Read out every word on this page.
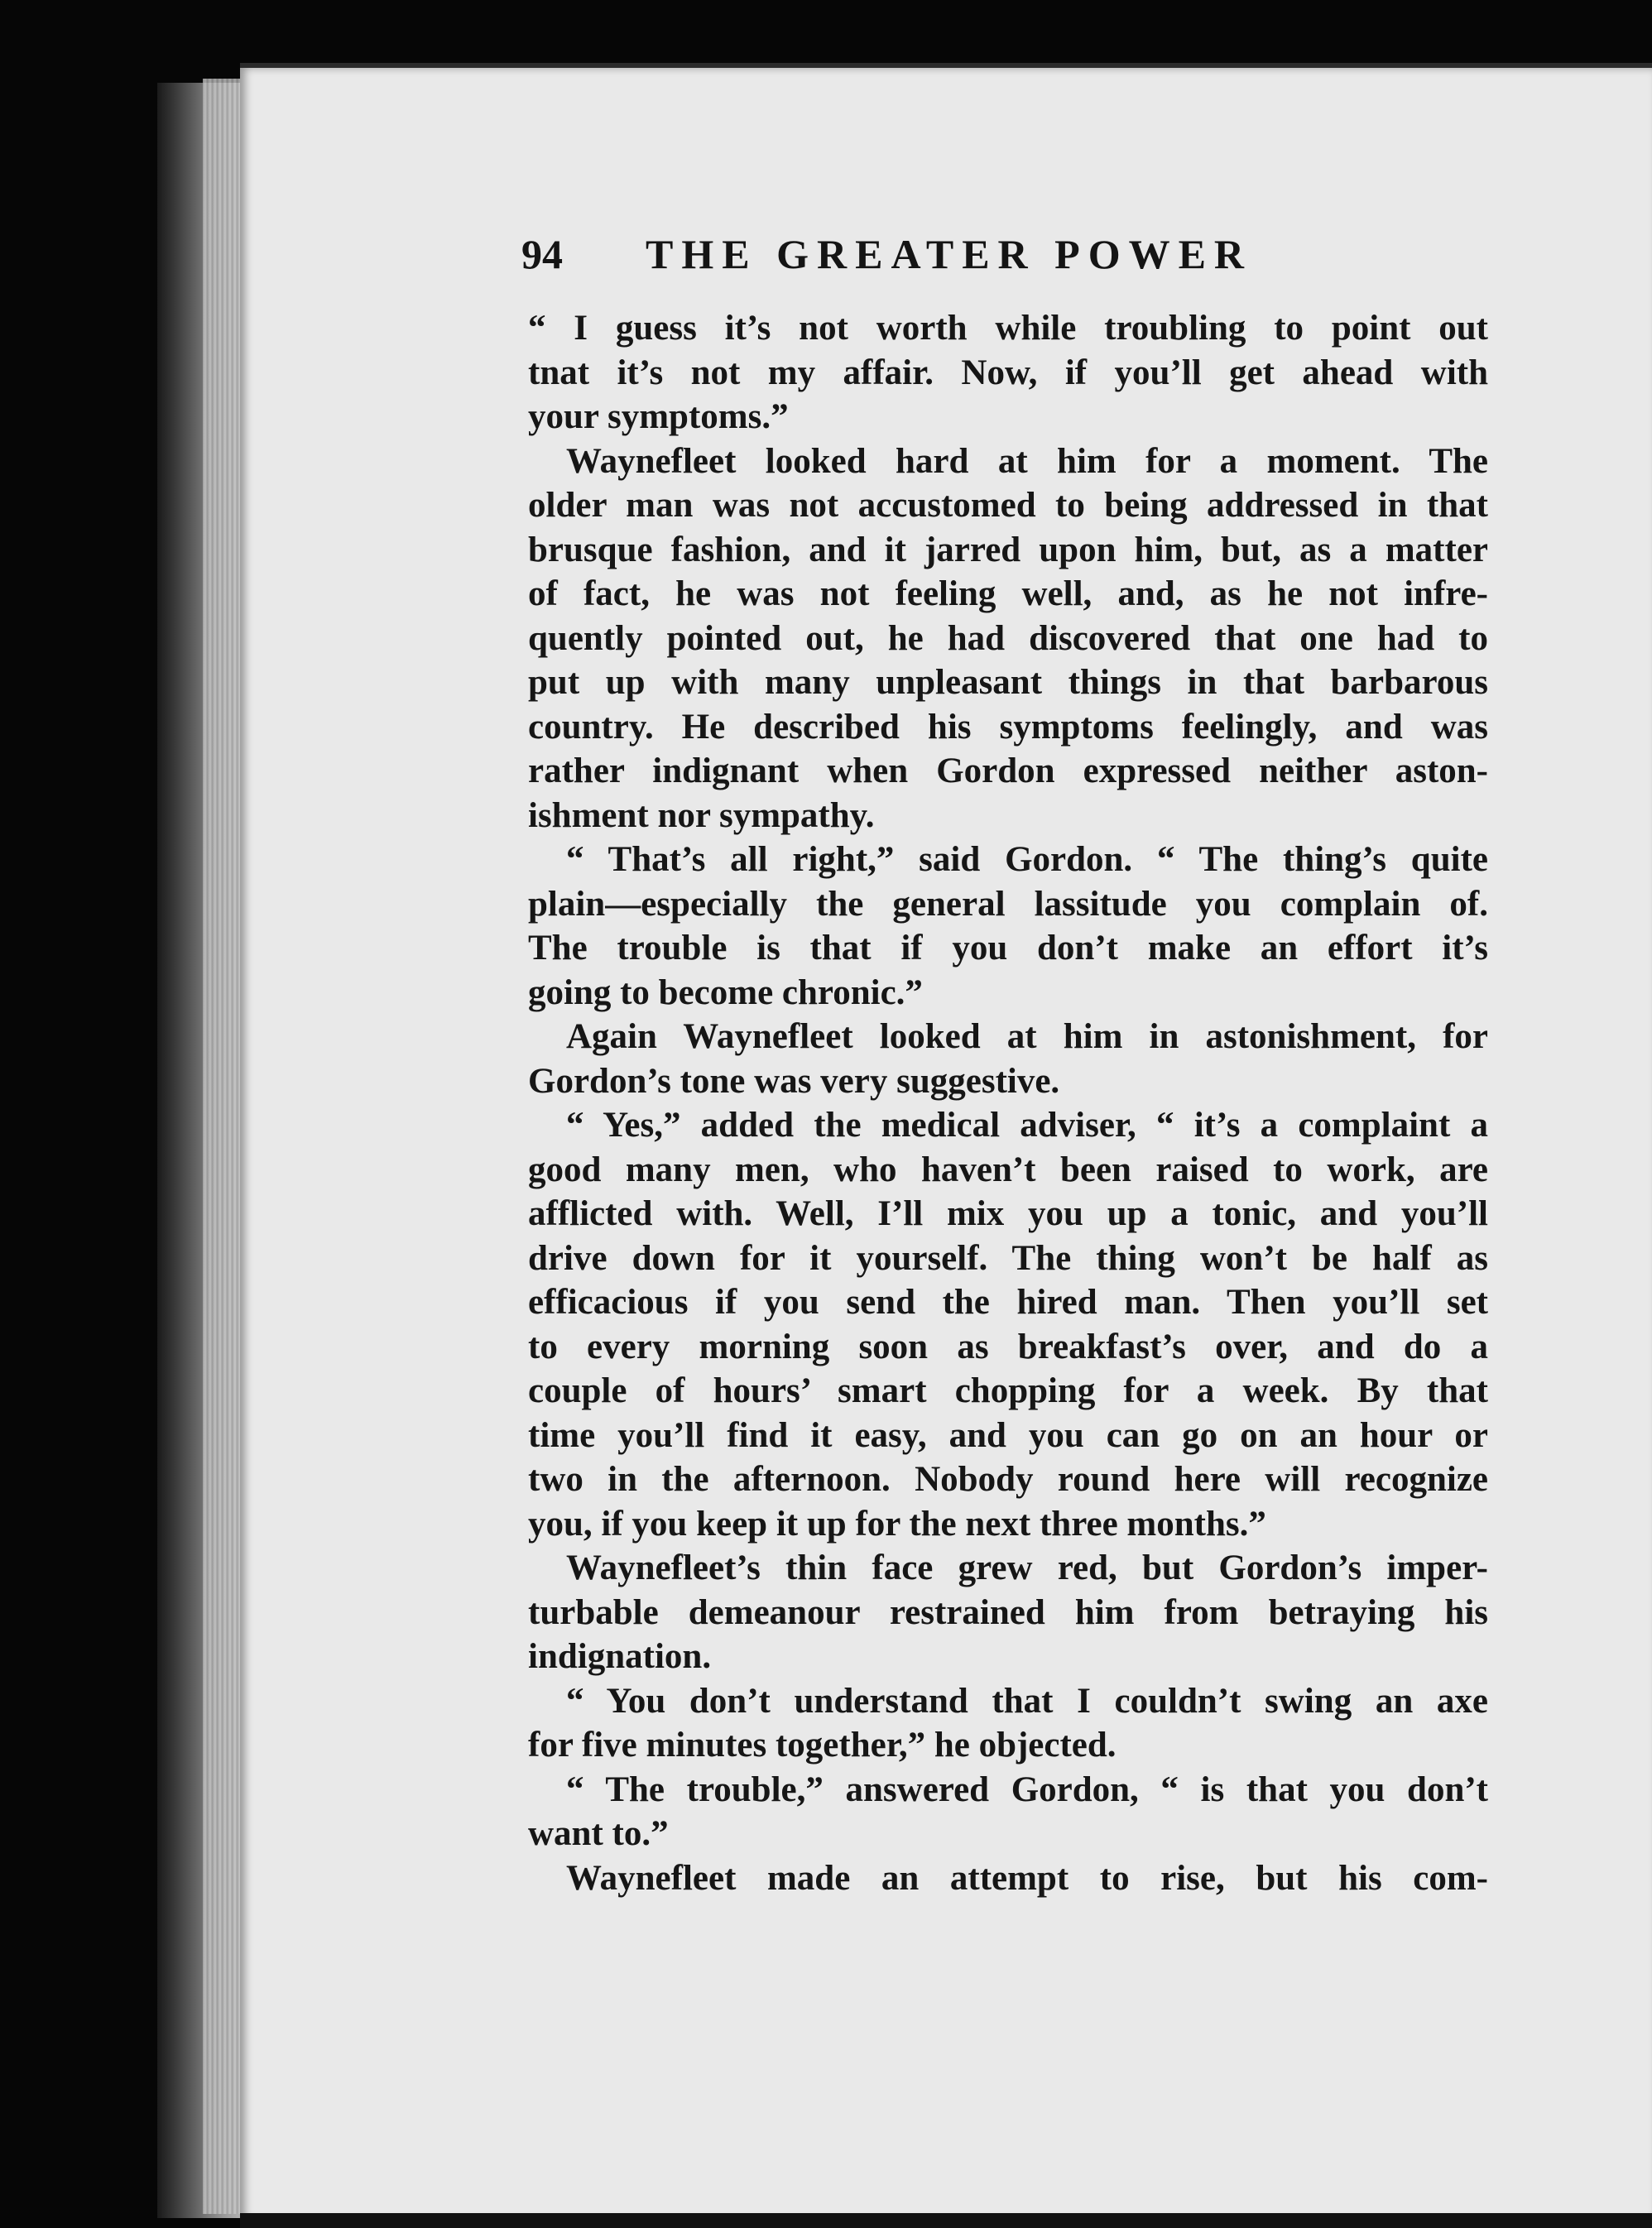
94 THE GREATER POWER
“ I guess it’s not worth while troubling to point out
tnat it’s not my affair. Now, if you’ll get ahead with
your symptoms.”
Waynefleet looked hard at him for a moment. The
older man was not accustomed to being addressed in that
brusque fashion, and it jarred upon him, but, as a matter
of fact, he was not feeling well, and, as he not infre-
quently pointed out, he had discovered that one had to
put up with many unpleasant things in that barbarous
country. He described his symptoms feelingly, and was
rather indignant when Gordon expressed neither aston-
ishment nor sympathy.
“ That’s all right,” said Gordon. “ The thing’s quite
plain—especially the general lassitude you complain of.
The trouble is that if you don’t make an effort it’s
going to become chronic.”
Again Waynefleet looked at him in astonishment, for
Gordon’s tone was very suggestive.
“ Yes,” added the medical adviser, “ it’s a complaint a
good many men, who haven’t been raised to work, are
afflicted with. Well, I’ll mix you up a tonic, and you’ll
drive down for it yourself. The thing won’t be half as
efficacious if you send the hired man. Then you’ll set
to every morning soon as breakfast’s over, and do a
couple of hours’ smart chopping for a week. By that
time you’ll find it easy, and you can go on an hour or
two in the afternoon. Nobody round here will recognize
you, if you keep it up for the next three months.”
Waynefleet’s thin face grew red, but Gordon’s imper-
turbable demeanour restrained him from betraying his
indignation.
“ You don’t understand that I couldn’t swing an axe
for five minutes together,” he objected.
“ The trouble,” answered Gordon, “ is that you don’t
want to.”
Waynefleet made an attempt to rise, but his com-
